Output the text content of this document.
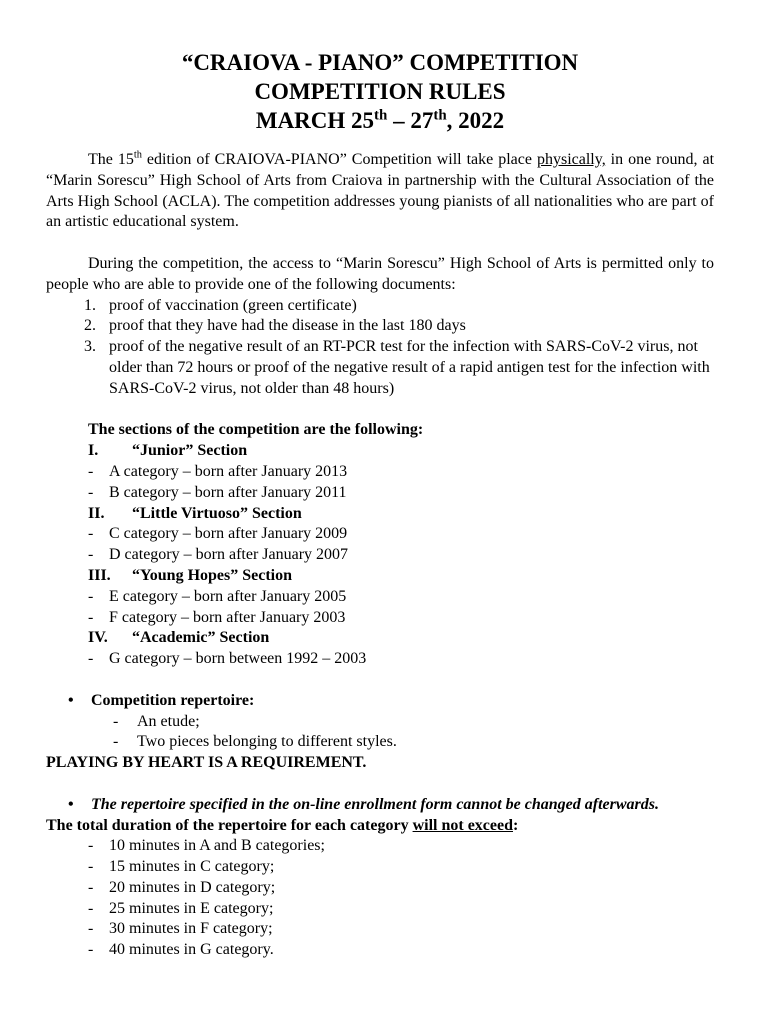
“CRAIOVA - PIANO” COMPETITION
COMPETITION RULES
MARCH 25th – 27th, 2022

The 15th edition of CRAIOVA-PIANO” Competition will take place physically, in one round, at “Marin Sorescu” High School of Arts from Craiova in partnership with the Cultural Association of the Arts High School (ACLA). The competition addresses young pianists of all nationalities who are part of an artistic educational system.

During the competition, the access to “Marin Sorescu” High School of Arts is permitted only to people who are able to provide one of the following documents:

1. proof of vaccination (green certificate)
2. proof that they have had the disease in the last 180 days
3. proof of the negative result of an RT-PCR test for the infection with SARS-CoV-2 virus, not older than 72 hours or proof of the negative result of a rapid antigen test for the infection with SARS-CoV-2 virus, not older than 48 hours)
The sections of the competition are the following:
I. “Junior” Section
- A category – born after January 2013
- B category – born after January 2011
II. “Little Virtuoso” Section
- C category – born after January 2009
- D category – born after January 2007
III. “Young Hopes” Section
- E category – born after January 2005
- F category – born after January 2003
IV. “Academic” Section
- G category – born between 1992 – 2003
• Competition repertoire:
- An etude;
- Two pieces belonging to different styles.
PLAYING BY HEART IS A REQUIREMENT.
• The repertoire specified in the on-line enrollment form cannot be changed afterwards.
The total duration of the repertoire for each category will not exceed:
- 10 minutes in A and B categories;
- 15 minutes in C category;
- 20 minutes in D category;
- 25 minutes in E category;
- 30 minutes in F category;
- 40 minutes in G category.
